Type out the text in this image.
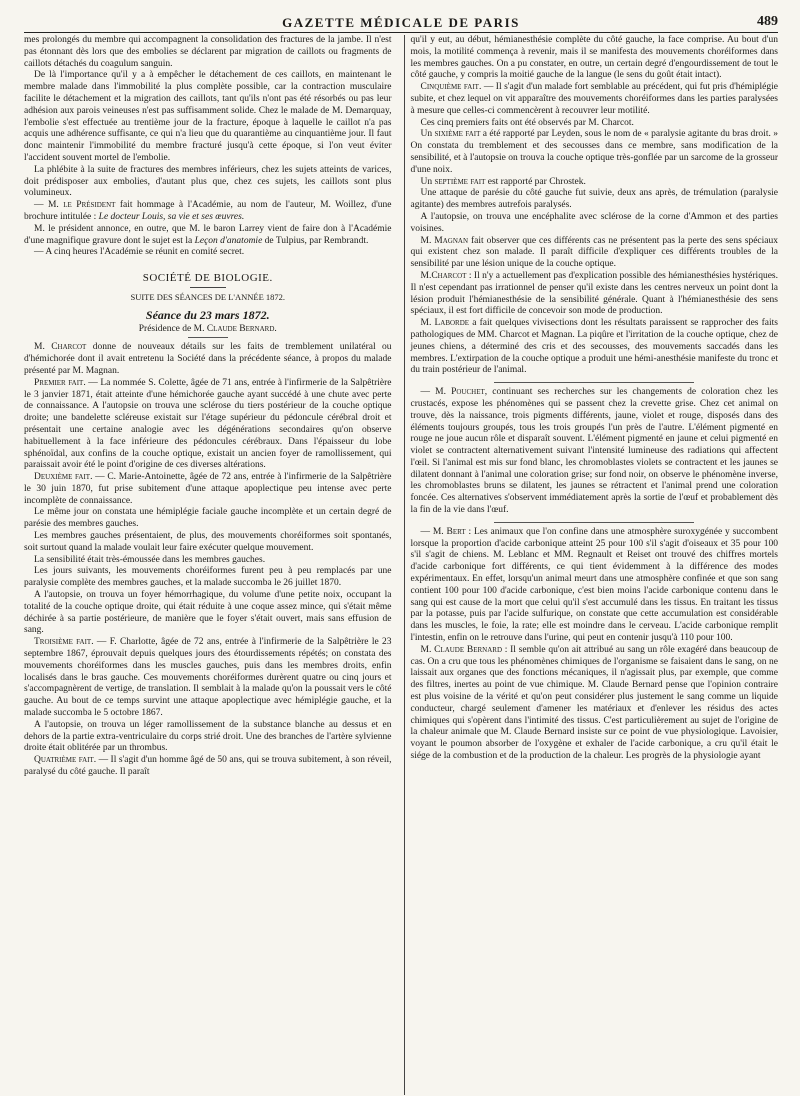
GAZETTE MÉDICALE DE PARIS	489

mes prolongés du membre qui accompagnent la consolidation des fractures de la jambe. Il n'est pas étonnant dès lors que des embolies se déclarent par migration de caillots ou fragments de caillots détachés du coagulum sanguin.

De là l'importance qu'il y a à empêcher le détachement de ces caillots, en maintenant le membre malade dans l'immobilité la plus complète possible, car la contraction musculaire facilite le détachement et la migration des caillots, tant qu'ils n'ont pas été résorbés ou pas leur adhésion aux parois veineuses n'est pas suffisamment solide. Chez le malade de M. Demarquay, l'embolie s'est effectuée au trentième jour de la fracture, époque à laquelle le caillot n'a pas acquis une adhérence suffisante, ce qui n'a lieu que du quarantième au cinquantième jour. Il faut donc maintenir l'immobilité du membre fracturé jusqu'à cette époque, si l'on veut éviter l'accident souvent mortel de l'embolie.

La phlébite à la suite de fractures des membres inférieurs, chez les sujets atteints de varices, doit prédisposer aux embolies, d'autant plus que, chez ces sujets, les caillots sont plus volumineux.

— M. le Président fait hommage à l'Académie, au nom de l'auteur, M. Woillez, d'une brochure intitulée : Le docteur Louis, sa vie et ses œuvres.

M. le président annonce, en outre, que M. le baron Larrey vient de faire don à l'Académie d'une magnifique gravure dont le sujet est la Leçon d'anatomie de Tulpius, par Rembrandt.

— A cinq heures l'Académie se réunit en comité secret.

SOCIÉTÉ DE BIOLOGIE.
SUITE DES SÉANCES DE L'ANNÉE 1872.
Séance du 23 mars 1872.
Présidence de M. Claude Bernard.

M. Charcot donne de nouveaux détails sur les faits de tremblement unilatéral ou d'hémichorée dont il avait entretenu la Société dans la précédente séance, à propos du malade présenté par M. Magnan.

Premier fait. — La nommée S. Colette, âgée de 71 ans, entrée à l'infirmerie de la Salpêtrière le 3 janvier 1871, était atteinte d'une hémichorée gauche ayant succédé à une chute avec perte de connaissance. A l'autopsie on trouva une sclérose du tiers postérieur de la couche optique droite; une bandelette scléreuse existait sur l'étage supérieur du pédoncule cérébral droit et présentait une certaine analogie avec les dégénérations secondaires qu'on observe habituellement à la face inférieure des pédoncules cérébraux. Dans l'épaisseur du lobe sphénoïdal, aux confins de la couche optique, existait un ancien foyer de ramollissement, qui paraissait avoir été le point d'origine de ces diverses altérations.

Deuxième fait. — C. Marie-Antoinette, âgée de 72 ans, entrée à l'infirmerie de la Salpêtrière le 30 juin 1870, fut prise subitement d'une attaque apoplectique peu intense avec perte incomplète de connaissance.

Le même jour on constata une hémiplégie faciale gauche incomplète et un certain degré de parésie des membres gauches.

Les membres gauches présentaient, de plus, des mouvements choréiformes soit spontanés, soit surtout quand la malade voulait leur faire exécuter quelque mouvement.

La sensibilité était très-émoussée dans les membres gauches.

Les jours suivants, les mouvements choréiformes furent peu à peu remplacés par une paralysie complète des membres gauches, et la malade succomba le 26 juillet 1870.

A l'autopsie, on trouva un foyer hémorrhagique, du volume d'une petite noix, occupant la totalité de la couche optique droite, qui était réduite à une coque assez mince, qui s'était même déchirée à sa partie postérieure, de manière que le foyer s'était ouvert, mais sans effusion de sang.

Troisième fait. — F. Charlotte, âgée de 72 ans, entrée à l'infirmerie de la Salpêtrière le 23 septembre 1867, éprouvait depuis quelques jours des étourdissements répétés; on constata des mouvements choréiformes dans les muscles gauches, puis dans les membres droits, enfin localisés dans le bras gauche. Ces mouvements choréiformes durèrent quatre ou cinq jours et s'accompagnèrent de vertige, de translation. Il semblait à la malade qu'on la poussait vers le côté gauche. Au bout de ce temps survint une attaque apoplectique avec hémiplégie gauche, et la malade succomba le 5 octobre 1867.

A l'autopsie, on trouva un léger ramollissement de la substance blanche au dessus et en dehors de la partie extra-ventriculaire du corps strié droit. Une des branches de l'artère sylvienne droite était oblitérée par un thrombus.

Quatrième fait. — Il s'agit d'un homme âgé de 50 ans, qui se trouva subitement, à son réveil, paralysé du côté gauche. Il paraît

qu'il y eut, au début, hémianesthésie complète du côté gauche, la face comprise. Au bout d'un mois, la motilité commença à revenir, mais il se manifesta des mouvements choréiformes dans les membres gauches. On a pu constater, en outre, un certain degré d'engourdissement de tout le côté gauche, y compris la moitié gauche de la langue (le sens du goût était intact).

Cinquième fait. — Il s'agit d'un malade fort semblable au précédent, qui fut pris d'hémiplégie subite, et chez lequel on vit apparaître des mouvements choréiformes dans les parties paralysées à mesure que celles-ci commencèrent à recouvrer leur motilité.

Ces cinq premiers faits ont été observés par M. Charcot.

Un sixième fait a été rapporté par Leyden, sous le nom de « paralysie agitante du bras droit. » On constata du tremblement et des secousses dans ce membre, sans modification de la sensibilité, et à l'autopsie on trouva la couche optique très-gonflée par un sarcome de la grosseur d'une noix.

Un septième fait est rapporté par Chrostek.

Une attaque de parésie du côté gauche fut suivie, deux ans après, de trémulation (paralysie agitante) des membres autrefois paralysés.

A l'autopsie, on trouva une encéphalite avec sclérose de la corne d'Ammon et des parties voisines.

M. Magnan fait observer que ces différents cas ne présentent pas la perte des sens spéciaux qui existent chez son malade. Il paraît difficile d'expliquer ces différents troubles de la sensibilité par une lésion unique de la couche optique.

M.Charcot : Il n'y a actuellement pas d'explication possible des hémianesthésies hystériques. Il n'est cependant pas irrationnel de penser qu'il existe dans les centres nerveux un point dont la lésion produit l'hémianesthésie de la sensibilité générale. Quant à l'hémianesthésie des sens spéciaux, il est fort difficile de concevoir son mode de production.

M. Laborde a fait quelques vivisections dont les résultats paraissent se rapprocher des faits pathologiques de MM. Charcot et Magnan. La piqûre et l'irritation de la couche optique, chez de jeunes chiens, a déterminé des cris et des secousses, des mouvements saccadés dans les membres. L'extirpation de la couche optique a produit une hémi-anesthésie manifeste du tronc et du train postérieur de l'animal.

— M. Pouchet, continuant ses recherches sur les changements de coloration chez les crustacés, expose les phénomènes qui se passent chez la crevette grise. Chez cet animal on trouve, dès la naissance, trois pigments différents, jaune, violet et rouge, disposés dans des éléments toujours groupés, tous les trois groupés l'un près de l'autre. L'élément pigmenté en rouge ne joue aucun rôle et disparaît souvent. L'élément pigmenté en jaune et celui pigmenté en violet se contractent alternativement suivant l'intensité lumineuse des radiations qui affectent l'œil. Si l'animal est mis sur fond blanc, les chromoblastes violets se contractent et les jaunes se dilatent donnant à l'animal une coloration grise; sur fond noir, on observe le phénomène inverse, les chromoblastes bruns se dilatent, les jaunes se rétractent et l'animal prend une coloration foncée. Ces alternatives s'observent immédiatement après la sortie de l'œuf et probablement dès la fin de la vie dans l'œuf.

— M. Bert : Les animaux que l'on confine dans une atmosphère suroxygénée y succombent lorsque la proportion d'acide carbonique atteint 25 pour 100 s'il s'agit d'oiseaux et 35 pour 100 s'il s'agit de chiens. M. Leblanc et MM. Regnault et Reiset ont trouvé des chiffres mortels d'acide carbonique fort différents, ce qui tient évidemment à la différence des modes expérimentaux. En effet, lorsqu'un animal meurt dans une atmosphère confinée et que son sang contient 100 pour 100 d'acide carbonique, c'est bien moins l'acide carbonique contenu dans le sang qui est cause de la mort que celui qu'il s'est accumulé dans les tissus. En traitant les tissus par la potasse, puis par l'acide sulfurique, on constate que cette accumulation est considérable dans les muscles, le foie, la rate; elle est moindre dans le cerveau. L'acide carbonique remplit l'intestin, enfin on le retrouve dans l'urine, qui peut en contenir jusqu'à 110 pour 100.

M. Claude Bernard : Il semble qu'on ait attribué au sang un rôle exagéré dans beaucoup de cas. On a cru que tous les phénomènes chimiques de l'organisme se faisaient dans le sang, on ne laissait aux organes que des fonctions mécaniques, il n'agissait plus, par exemple, que comme des filtres, inertes au point de vue chimique. M. Claude Bernard pense que l'opinion contraire est plus voisine de la vérité et qu'on peut considérer plus justement le sang comme un liquide conducteur, chargé seulement d'amener les matériaux et d'enlever les résidus des actes chimiques qui s'opèrent dans l'intimité des tissus. C'est particulièrement au sujet de l'origine de la chaleur animale que M. Claude Bernard insiste sur ce point de vue physiologique. Lavoisier, voyant le poumon absorber de l'oxygène et exhaler de l'acide carbonique, a cru qu'il était le siége de la combustion et de la production de la chaleur. Les progrès de la physiologie ayant
